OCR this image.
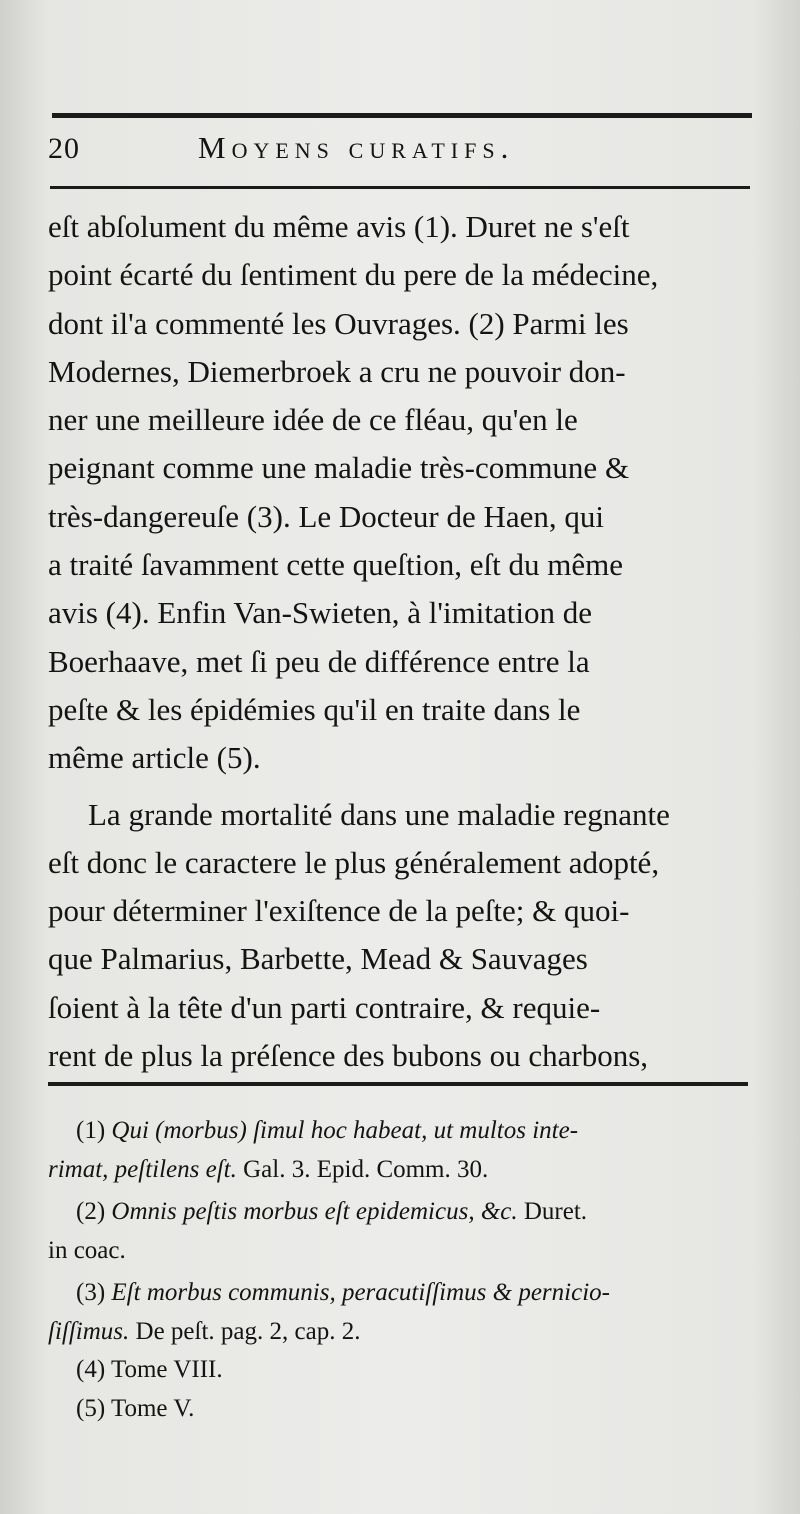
20	Moyens curatifs.
eſt abſolument du même avis (1). Duret ne s'eſt
point écarté du ſentiment du pere de la médecine,
dont il'a commenté les Ouvrages. (2) Parmi les
Modernes, Diemerbroek a cru ne pouvoir don-
ner une meilleure idée de ce fléau, qu'en le
peignant comme une maladie très-commune &
très-dangereuſe (3). Le Docteur de Haen, qui
a traité ſavamment cette queſtion, eſt du même
avis (4). Enfin Van-Swieten, à l'imitation de
Boerhaave, met ſi peu de différence entre la
peſte & les épidémies qu'il en traite dans le
même article (5).
La grande mortalité dans une maladie regnante
eſt donc le caractere le plus généralement adopté,
pour déterminer l'exiſtence de la peſte; & quoi-
que Palmarius, Barbette, Mead & Sauvages
ſoient à la tête d'un parti contraire, & requie-
rent de plus la préſence des bubons ou charbons,
(1) Qui (morbus) ſimul hoc habeat, ut multos inte-
rimat, peſtilens eſt. Gal. 3. Epid. Comm. 30.
(2) Omnis peſtis morbus eſt epidemicus, &c. Duret.
in coac.
(3) Eſt morbus communis, peracutiſſimus & pernicio-
ſiſſimus. De peſt. pag. 2, cap. 2.
(4) Tome VIII.
(5) Tome V.
